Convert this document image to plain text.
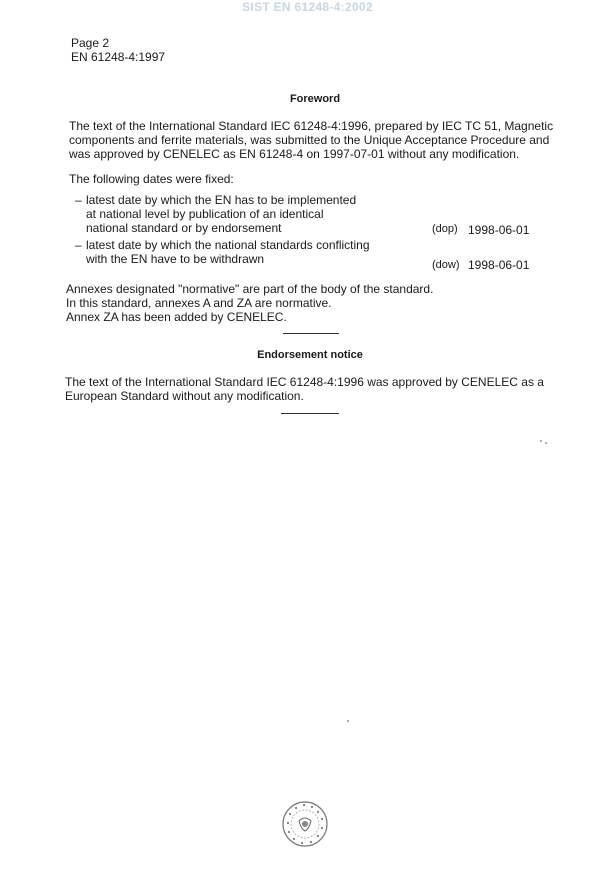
SIST EN 61248-4:2002
Page 2
EN 61248-4:1997
Foreword
The text of the International Standard IEC 61248-4:1996, prepared by IEC TC 51, Magnetic
components and ferrite materials, was submitted to the Unique Acceptance Procedure and
was approved by CENELEC as EN 61248-4 on 1997-07-01 without any modification.
The following dates were fixed:
– latest date by which the EN has to be implemented
at national level by publication of an identical
national standard or by endorsement	(dop) 1998-06-01
– latest date by which the national standards conflicting
with the EN have to be withdrawn	(dow) 1998-06-01
Annexes designated "normative" are part of the body of the standard.
In this standard, annexes A and ZA are normative.
Annex ZA has been added by CENELEC.
Endorsement notice
The text of the International Standard IEC 61248-4:1996 was approved by CENELEC as a
European Standard without any modification.
